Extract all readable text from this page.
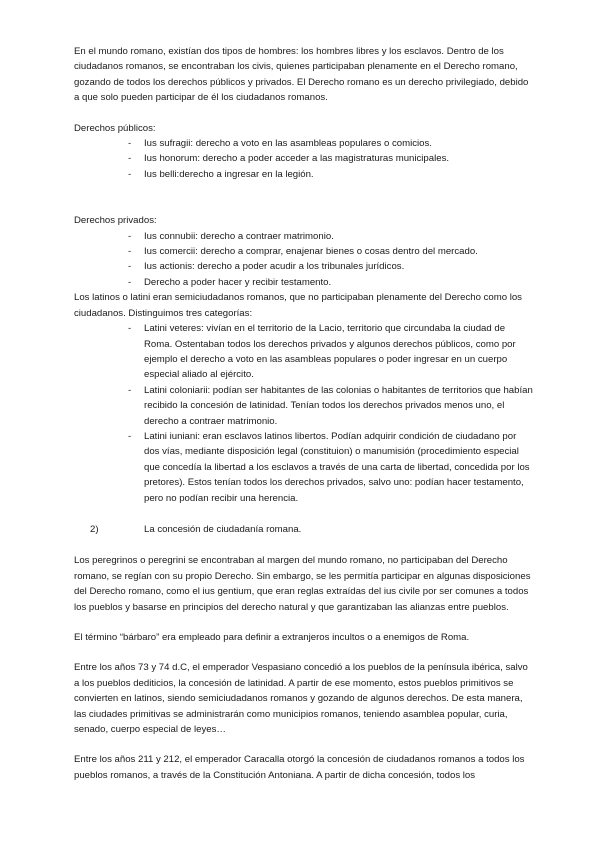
En el mundo romano, existían dos tipos de hombres: los hombres libres y los esclavos. Dentro de los ciudadanos romanos, se encontraban los civis, quienes participaban plenamente en el Derecho romano, gozando de todos los derechos públicos y privados. El Derecho romano es un derecho privilegiado, debido a que solo pueden participar de él los ciudadanos romanos.

Derechos públicos:

- Ius sufragii: derecho a voto en las asambleas populares o comicios.
- Ius honorum: derecho a poder acceder a las magistraturas municipales.
- Ius belli:derecho a ingresar en la legión.

Derechos privados:

- Ius connubii: derecho a contraer matrimonio.
- Ius comercii: derecho a comprar, enajenar bienes o cosas dentro del mercado.
- Ius actionis: derecho a poder acudir a los tribunales jurídicos.
- Derecho a poder hacer y recibir testamento.

Los latinos o latini eran semiciudadanos romanos, que no participaban plenamente del Derecho como los ciudadanos. Distinguimos tres categorías:

- Latini veteres: vivían en el territorio de la Lacio, territorio que circundaba la ciudad de Roma. Ostentaban todos los derechos privados y algunos derechos públicos, como por ejemplo el derecho a voto en las asambleas populares o poder ingresar en un cuerpo especial aliado al ejército.
- Latini coloniarii: podían ser habitantes de las colonias o habitantes de territorios que habían recibido la concesión de latinidad. Tenían todos los derechos privados menos uno, el derecho a contraer matrimonio.
- Latini iuniani: eran esclavos latinos libertos. Podían adquirir condición de ciudadano por dos vías, mediante disposición legal (constituion) o manumisión (procedimiento especial que concedía la libertad a los esclavos a través de una carta de libertad, concedida por los pretores). Estos tenían todos los derechos privados, salvo uno: podían hacer testamento, pero no podían recibir una herencia.
2)	La concesión de ciudadanía romana.

Los peregrinos o peregrini se encontraban al margen del mundo romano, no participaban del Derecho romano, se regían con su propio Derecho. Sin embargo, se les permitía participar en algunas disposiciones del Derecho romano, como el ius gentium, que eran reglas extraídas del ius civile por ser comunes a todos los pueblos y basarse en principios del derecho natural y que garantizaban las alianzas entre pueblos.

El término “bárbaro” era empleado para definir a extranjeros incultos o a enemigos de Roma.

Entre los años 73 y 74 d.C, el emperador Vespasiano concedió a los pueblos de la península ibérica, salvo a los pueblos dediticios, la concesión de latinidad. A partir de ese momento, estos pueblos primitivos se convierten en latinos, siendo semiciudadanos romanos y gozando de algunos derechos. De esta manera, las ciudades primitivas se administrarán como municipios romanos, teniendo asamblea popular, curia, senado, cuerpo especial de leyes…

Entre los años 211 y 212, el emperador Caracalla otorgó la concesión de ciudadanos romanos a todos los pueblos romanos, a través de la Constitución Antoniana. A partir de dicha concesión, todos los
